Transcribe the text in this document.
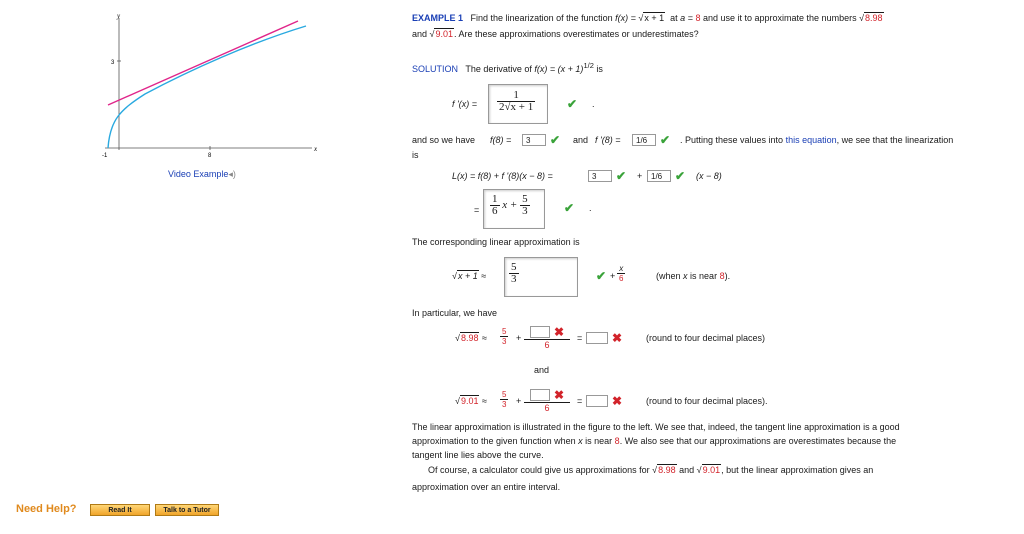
y
x
3
-1	8
Video Example◂)
EXAMPLE 1 Find the linearization of the function f(x) = √x + 1 at a = 8 and use it to approximate the numbers √8.98
and √9.01. Are these approximations overestimates or underestimates?
SOLUTION The derivative of $f(x) = (x + 1)^{1/2}$ is
f '$(x) = \frac{1}{2√x + 1}$	✔ .
and so we have f(8) =	3	✔ and f '(8) =	1/6	✔ . Putting these values into this equation, we see that the linearization
is
L(x) = f(8) + f '(8)(x − 8) =	3	✔ +	1/6	✔ (x − 8)
= $\frac{1}{6}$ $x + \frac{5}{3}$	✔ .
The corresponding linear approximation is
$√x + 1 \approx \frac{5}{3}$	✔ + $\frac{x}{6}$	(when x is near 8).
In particular, we have
$√8.98 \approx \frac{5}{3}$ +	✖
6
= ✖	(round to four decimal places)
and
$√9.01 \approx \frac{5}{3}$ +	✖
6
= ✖	(round to four decimal places).
The linear approximation is illustrated in the figure to the left. We see that, indeed, the tangent line approximation is a good
approximation to the given function when x is near 8. We also see that our approximations are overestimates because the
tangent line lies above the curve.
Of course, a calculator could give us approximations for √8.98 and √9.01, but the linear approximation gives an
approximation over an entire interval.
Need Help?	Read It	Talk to a Tutor
